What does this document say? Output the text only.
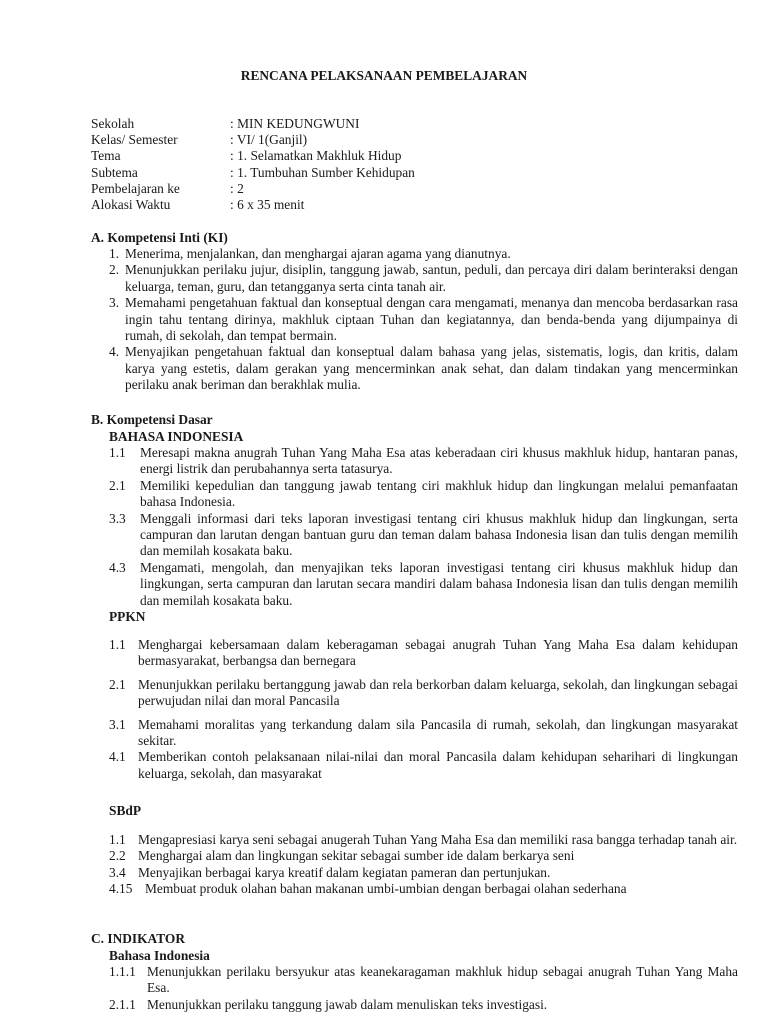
RENCANA PELAKSANAAN PEMBELAJARAN
Sekolah	: MIN KEDUNGWUNI
Kelas/ Semester	: VI/ 1(Ganjil)
Tema	: 1. Selamatkan Makhluk Hidup
Subtema	: 1. Tumbuhan Sumber Kehidupan
Pembelajaran ke	: 2
Alokasi Waktu	: 6 x 35 menit
A. Kompetensi Inti (KI)
1. Menerima, menjalankan, dan menghargai ajaran agama yang dianutnya.
2. Menunjukkan perilaku jujur, disiplin, tanggung jawab, santun, peduli, dan percaya diri dalam berinteraksi dengan keluarga, teman, guru, dan tetangganya serta cinta tanah air.
3. Memahami pengetahuan faktual dan konseptual dengan cara mengamati, menanya dan mencoba berdasarkan rasa ingin tahu tentang dirinya, makhluk ciptaan Tuhan dan kegiatannya, dan benda-benda yang dijumpainya di rumah, di sekolah, dan tempat bermain.
4. Menyajikan pengetahuan faktual dan konseptual dalam bahasa yang jelas, sistematis, logis, dan kritis, dalam karya yang estetis, dalam gerakan yang mencerminkan anak sehat, dan dalam tindakan yang mencerminkan perilaku anak beriman dan berakhlak mulia.
B. Kompetensi Dasar
BAHASA INDONESIA
1.1	Meresapi makna anugrah Tuhan Yang Maha Esa atas keberadaan ciri khusus makhluk hidup, hantaran panas, energi listrik dan perubahannya serta tatasurya.
2.1	Memiliki kepedulian dan tanggung jawab tentang ciri makhluk hidup dan lingkungan melalui pemanfaatan bahasa Indonesia.
3.3	Menggali informasi dari teks laporan investigasi tentang ciri khusus makhluk hidup dan lingkungan, serta campuran dan larutan dengan bantuan guru dan teman dalam bahasa Indonesia lisan dan tulis dengan memilih dan memilah kosakata baku.
4.3	Mengamati, mengolah, dan menyajikan teks laporan investigasi tentang ciri khusus makhluk hidup dan lingkungan, serta campuran dan larutan secara mandiri dalam bahasa Indonesia lisan dan tulis dengan memilih dan memilah kosakata baku.
PPKN
1.1 Menghargai kebersamaan dalam keberagaman sebagai anugrah Tuhan Yang Maha Esa dalam kehidupan bermasyarakat, berbangsa dan bernegara
2.1 Menunjukkan perilaku bertanggung jawab dan rela berkorban dalam keluarga, sekolah, dan lingkungan sebagai perwujudan nilai dan moral Pancasila
3.1 Memahami moralitas yang terkandung dalam sila Pancasila di rumah, sekolah, dan lingkungan masyarakat sekitar.
4.1 Memberikan contoh pelaksanaan nilai-nilai dan moral Pancasila dalam kehidupan seharihari di lingkungan keluarga, sekolah, dan masyarakat
SBdP
1.1 Mengapresiasi karya seni sebagai anugerah Tuhan Yang Maha Esa dan memiliki rasa bangga terhadap tanah air.
2.2 Menghargai alam dan lingkungan sekitar sebagai sumber ide dalam berkarya seni
3.4 Menyajikan berbagai karya kreatif dalam kegiatan pameran dan pertunjukan.
4.15 Membuat produk olahan bahan makanan umbi-umbian dengan berbagai olahan sederhana
C. INDIKATOR
Bahasa Indonesia
1.1.1 Menunjukkan perilaku bersyukur atas keanekaragaman makhluk hidup sebagai anugrah Tuhan Yang Maha Esa.
2.1.1 Menunjukkan perilaku tanggung jawab dalam menuliskan teks investigasi.
